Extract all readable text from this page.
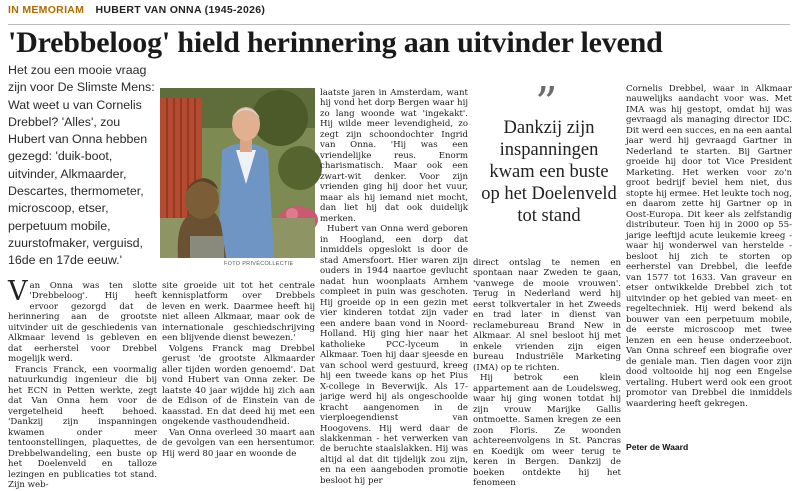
IN MEMORIAM HUBERT VAN ONNA (1945-2026)
'Drebbeloog' hield herinnering aan uitvinder levend

Het zou een mooie vraag zijn voor De Slimste Mens: Wat weet u van Cornelis Drebbel? 'Alles', zou Hubert van Onna hebben gezegd: 'duik-boot, uitvinder, Alkmaarder, Descartes, thermometer, microscoop, etser, perpetuum mobile, zuurstofmaker, verguisd, 16de en 17de eeuw.'	FOTO PRIVÉCOLLECTIE

Van Onna was ten slotte 'Drebbeloog'. Hij heeft ervoor gezorgd dat de herinnering aan de grootste uitvinder uit de geschiedenis van Alkmaar levend is gebleven en dat eerherstel voor Drebbel mogelijk werd.

Francis Franck, een voormalig natuurkundig ingenieur die bij het ECN in Petten werkte, zegt dat Van Onna hem voor de vergetelheid heeft behoed. 'Dankzij zijn inspanningen kwamen onder meer tentoonstellingen, plaquettes, de Drebbelwandeling, een buste op het Doelenveld en talloze lezingen en publicaties tot stand. Zijn web-

site groeide uit tot het centrale kennisplatform over Drebbels leven en werk. Daarmee heeft hij niet alleen Alkmaar, maar ook de internationale geschiedschrijving een blijvende dienst bewezen.'

Volgens Franck mag Drebbel gerust 'de grootste Alkmaarder aller tijden worden genoemd'. Dat vond Hubert van Onna zeker. De laatste 40 jaar wijdde hij zich aan de Edison of de Einstein van de kaasstad. En dat deed hij met een ongekende vasthoudendheid.

Van Onna overleed 30 maart aan de gevolgen van een hersentumor. Hij werd 80 jaar en woonde de

laatste jaren in Amsterdam, want hij vond het dorp Bergen waar hij zo lang woonde wat 'ingekakt'. Hij wilde meer levendigheid, zo zegt zijn schoondochter Ingrid van Onna. 'Hij was een vriendelijke reus. Enorm charismatisch. Maar ook een zwart-wit denker. Voor zijn vrienden ging hij door het vuur, maar als hij iemand niet mocht, dan liet hij dat ook duidelijk merken.

Hubert van Onna werd geboren in Hoogland, een dorp dat inmiddels opgeslokt is door de stad Amersfoort. Hier waren zijn ouders in 1944 naartoe gevlucht nadat hun woonplaats Arnhem compleet in puin was geschoten. Hij groeide op in een gezin met vier kinderen totdat zijn vader een andere baan vond in Noord-Holland. Hij ging hier naar het katholieke PCC-lyceum in Alkmaar. Toen hij daar sjeesde en van school werd gestuurd, kreeg hij een tweede kans op het Pius X-college in Beverwijk. Als 17-jarige werd hij als ongeschoolde kracht aangenomen in de vierploegendienst van Hoogovens. Hij werd daar de slakkenman - het verwerken van de beruchte staalslakken. Hij was altijd al dat dit tijdelijk zou zijn, en na een aangeboden promotie besloot hij per

”

Dankzij zijn inspanningen kwam een buste op het Doelenveld tot stand

direct ontslag te nemen en spontaan naar Zweden te gaan, 'vanwege de mooie vrouwen'. Terug in Nederland werd hij eerst tolkvertaler in het Zweeds en trad later in dienst van reclamebureau Brand New in Alkmaar. Al snel besloot hij met enkele vrienden zijn eigen bureau Industriële Marketing (IMA) op te richten.

Hij betrok een klein appartement aan de Loudelsweg, waar hij ging wonen totdat hij zijn vrouw Marijke Gallis ontmoette. Samen kregen ze een zoon Floris. Ze woonden achtereenvolgens in St. Pancras en Koedijk om weer terug te keren in Bergen. Dankzij de boeken ontdekte hij het fenomeen

Cornelis Drebbel, waar in Alkmaar nauwelijks aandacht voor was. Met IMA was hij gestopt, omdat hij was gevraagd als managing director IDC. Dit werd een succes, en na een aantal jaar werd hij gevraagd Gartner in Nederland te starten. Bij Gartner groeide hij door tot Vice President Marketing. Het werken voor zo'n groot bedrijf beviel hem niet, dus stopte hij ermee. Het leukte toch nog, en daarom zette hij Gartner op in Oost-Europa. Dit keer als zelfstandig distributeur. Toen hij in 2000 op 55-jarige leeftijd acute leukemie kreeg - waar hij wonderwel van herstelde - besloot hij zich te storten op eerherstel van Drebbel, die leefde van 1577 tot 1633. Van graveur en etser ontwikkelde Drebbel zich tot uitvinder op het gebied van meet- en regeltechniek. Hij werd bekend als bouwer van een perpetuum mobile, de eerste microscoop met twee lenzen en een heuse onderzeeboot. Van Onna schreef een biografie over de geniale man. Tien dagen voor zijn dood voltooide hij nog een Engelse vertaling. Hubert werd ook een groot promotor van Drebbel die inmiddels waardering heeft gekregen.

Peter de Waard
